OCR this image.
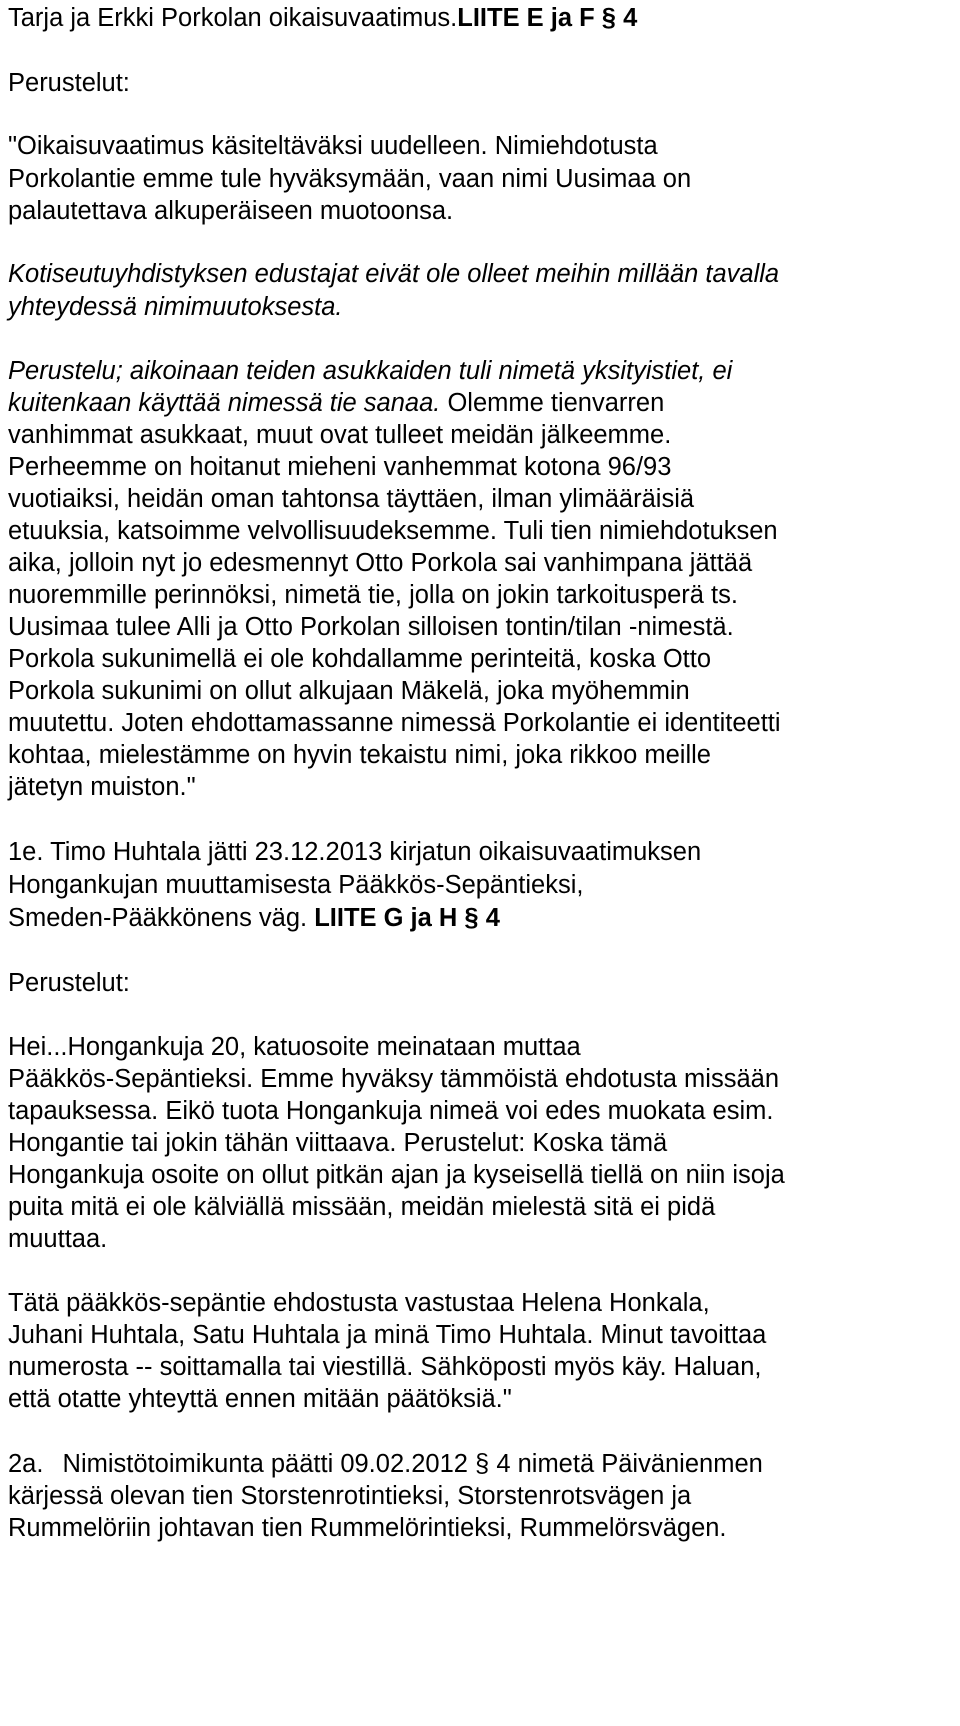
Tarja ja Erkki Porkolan oikaisuvaatimus.LIITE E ja F § 4
Perustelut:
"Oikaisuvaatimus käsiteltäväksi uudelleen. Nimiehdotusta
Porkolantie emme tule hyväksymään, vaan nimi Uusimaa on
palautettava alkuperäiseen muotoonsa.
Kotiseutuyhdistyksen edustajat eivät ole olleet meihin millään tavalla
yhteydessä nimimuutoksesta.
Perustelu; aikoinaan teiden asukkaiden tuli nimetä yksityistiet, ei
kuitenkaan käyttää nimessä tie sanaa. Olemme tienvarren
vanhimmat asukkaat, muut ovat tulleet meidän jälkeemme.
Perheemme on hoitanut mieheni vanhemmat kotona 96/93
vuotiaiksi, heidän oman tahtonsa täyttäen, ilman ylimääräisiä
etuuksia, katsoimme velvollisuudeksemme. Tuli tien nimiehdotuksen
aika, jolloin nyt jo edesmennyt Otto Porkola sai vanhimpana jättää
nuoremmille perinnöksi, nimetä tie, jolla on jokin tarkoitusperä ts.
Uusimaa tulee Alli ja Otto Porkolan silloisen tontin/tilan -nimestä.
Porkola sukunimellä ei ole kohdallamme perinteitä, koska Otto
Porkola sukunimi on ollut alkujaan Mäkelä, joka myöhemmin
muutettu. Joten ehdottamassanne nimessä Porkolantie ei identiteetti
kohtaa, mielestämme on hyvin tekaistu nimi, joka rikkoo meille
jätetyn muiston."
1e. Timo Huhtala jätti 23.12.2013 kirjatun oikaisuvaatimuksen
Hongankujan muuttamisesta Pääkkös-Sepäntieksi,
Smeden-Pääkkönens väg. LIITE G ja H § 4
Perustelut:
Hei...Hongankuja 20, katuosoite meinataan muttaa
Pääkkös-Sepäntieksi. Emme hyväksy tämmöistä ehdotusta missään
tapauksessa. Eikö tuota Hongankuja nimeä voi edes muokata esim.
Hongantie tai jokin tähän viittaava. Perustelut: Koska tämä
Hongankuja osoite on ollut pitkän ajan ja kyseisellä tiellä on niin isoja
puita mitä ei ole kälviällä missään, meidän mielestä sitä ei pidä
muuttaa.
Tätä pääkkös-sepäntie ehdostusta vastustaa Helena Honkala,
Juhani Huhtala, Satu Huhtala ja minä Timo Huhtala. Minut tavoittaa
numerosta -- soittamalla tai viestillä. Sähköposti myös käy. Haluan,
että otatte yhteyttä ennen mitään päätöksiä."
2a. Nimistötoimikunta päätti 09.02.2012 § 4 nimetä Päivänienmen
kärjessä olevan tien Storstenrotintieksi, Storstenrotsvägen ja
Rummelöriin johtavan tien Rummelörintieksi, Rummelörsvägen.
